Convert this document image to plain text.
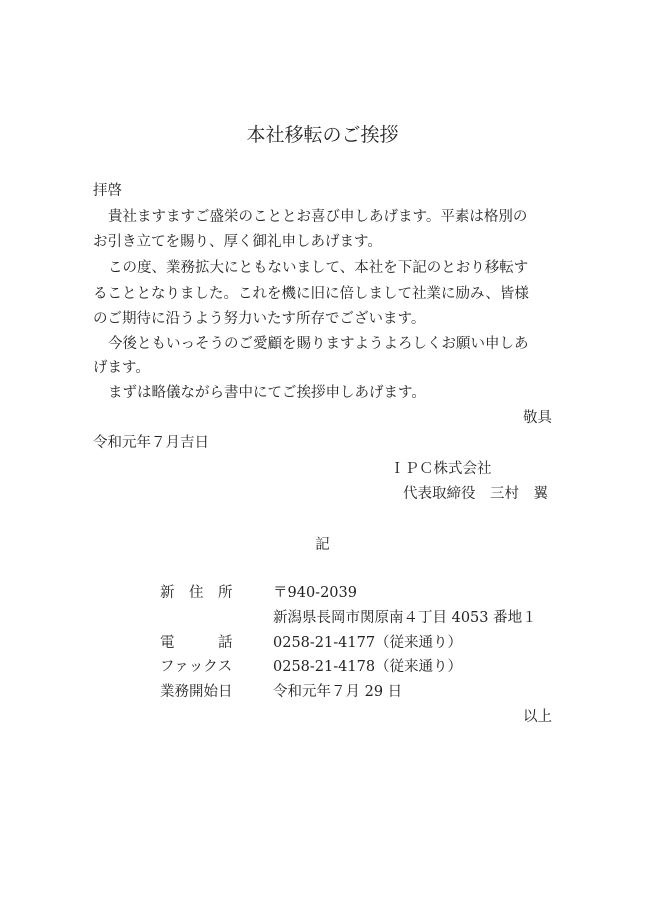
本社移転のご挨拶
拝啓
貴社ますますご盛栄のこととお喜び申しあげます。平素は格別の
お引き立てを賜り、厚く御礼申しあげます。
この度、業務拡大にともないまして、本社を下記のとおり移転す
ることとなりました。これを機に旧に倍しまして社業に励み、皆様
のご期待に沿うよう努力いたす所存でございます。
今後ともいっそうのご愛顧を賜りますようよろしくお願い申しあ
げます。
まずは略儀ながら書中にてご挨拶申しあげます。
敬具
令和元年７月吉日
ＩＰＣ株式会社
代表取締役　三村　翼
記
新　住　所	〒940-2039
新潟県長岡市関原南４丁目 4053 番地１
電　　　話	0258-21-4177（従来通り）
ファックス	0258-21-4178（従来通り）
業務開始日	令和元年７月 29 日
以上
